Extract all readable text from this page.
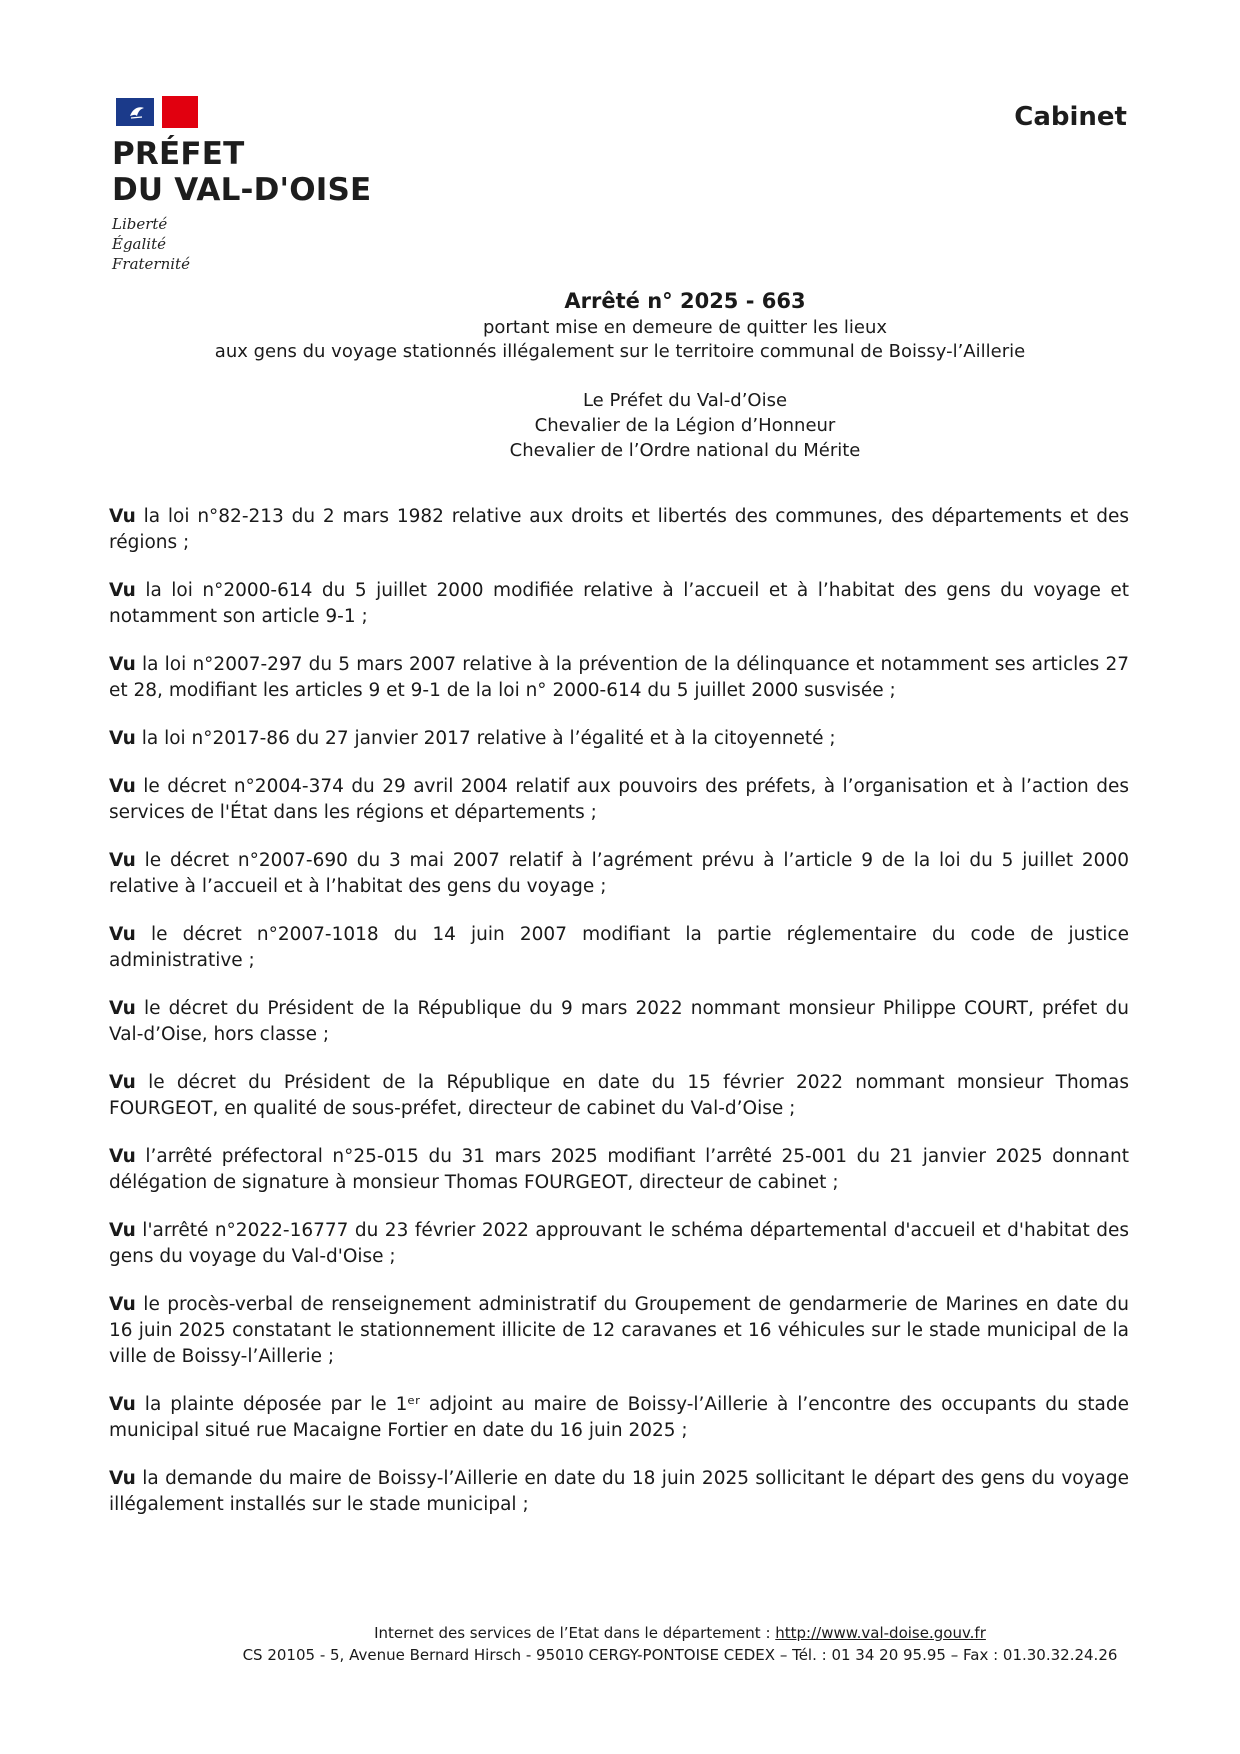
PRÉFET
DU VAL-D'OISE
Liberté
Égalité
Fraternité
Cabinet
Arrêté n° 2025 - 663
portant mise en demeure de quitter les lieux
aux gens du voyage stationnés illégalement sur le territoire communal de Boissy-l’Aillerie
Le Préfet du Val-d’Oise
Chevalier de la Légion d’Honneur
Chevalier de l’Ordre national du Mérite

Vu la loi n°82-213 du 2 mars 1982 relative aux droits et libertés des communes, des départements et des régions ;

Vu la loi n°2000-614 du 5 juillet 2000 modifiée relative à l’accueil et à l’habitat des gens du voyage et notamment son article 9-1 ;

Vu la loi n°2007-297 du 5 mars 2007 relative à la prévention de la délinquance et notamment ses articles 27 et 28, modifiant les articles 9 et 9-1 de la loi n° 2000-614 du 5 juillet 2000 susvisée ;

Vu la loi n°2017-86 du 27 janvier 2017 relative à l’égalité et à la citoyenneté ;

Vu le décret n°2004-374 du 29 avril 2004 relatif aux pouvoirs des préfets, à l’organisation et à l’action des services de l'État dans les régions et départements ;

Vu le décret n°2007-690 du 3 mai 2007 relatif à l’agrément prévu à l’article 9 de la loi du 5 juillet 2000 relative à l’accueil et à l’habitat des gens du voyage ;

Vu le décret n°2007-1018 du 14 juin 2007 modifiant la partie réglementaire du code de justice administrative ;

Vu le décret du Président de la République du 9 mars 2022 nommant monsieur Philippe COURT, préfet du Val-d’Oise, hors classe ;

Vu le décret du Président de la République en date du 15 février 2022 nommant monsieur Thomas FOURGEOT, en qualité de sous-préfet, directeur de cabinet du Val-d’Oise ;

Vu l’arrêté préfectoral n°25-015 du 31 mars 2025 modifiant l’arrêté 25-001 du 21 janvier 2025 donnant délégation de signature à monsieur Thomas FOURGEOT, directeur de cabinet ;

Vu l'arrêté n°2022-16777 du 23 février 2022 approuvant le schéma départemental d'accueil et d'habitat des gens du voyage du Val-d'Oise ;

Vu le procès-verbal de renseignement administratif du Groupement de gendarmerie de Marines en date du 16 juin 2025 constatant le stationnement illicite de 12 caravanes et 16 véhicules sur le stade municipal de la ville de Boissy-l’Aillerie ;

Vu la plainte déposée par le 1ᵉʳ adjoint au maire de Boissy-l’Aillerie à l’encontre des occupants du stade municipal situé rue Macaigne Fortier en date du 16 juin 2025 ;

Vu la demande du maire de Boissy-l’Aillerie en date du 18 juin 2025 sollicitant le départ des gens du voyage illégalement installés sur le stade municipal ;

Internet des services de l’Etat dans le département : http://www.val-doise.gouv.fr
CS 20105 - 5, Avenue Bernard Hirsch - 95010 CERGY-PONTOISE CEDEX – Tél. : 01 34 20 95.95 – Fax : 01.30.32.24.26
